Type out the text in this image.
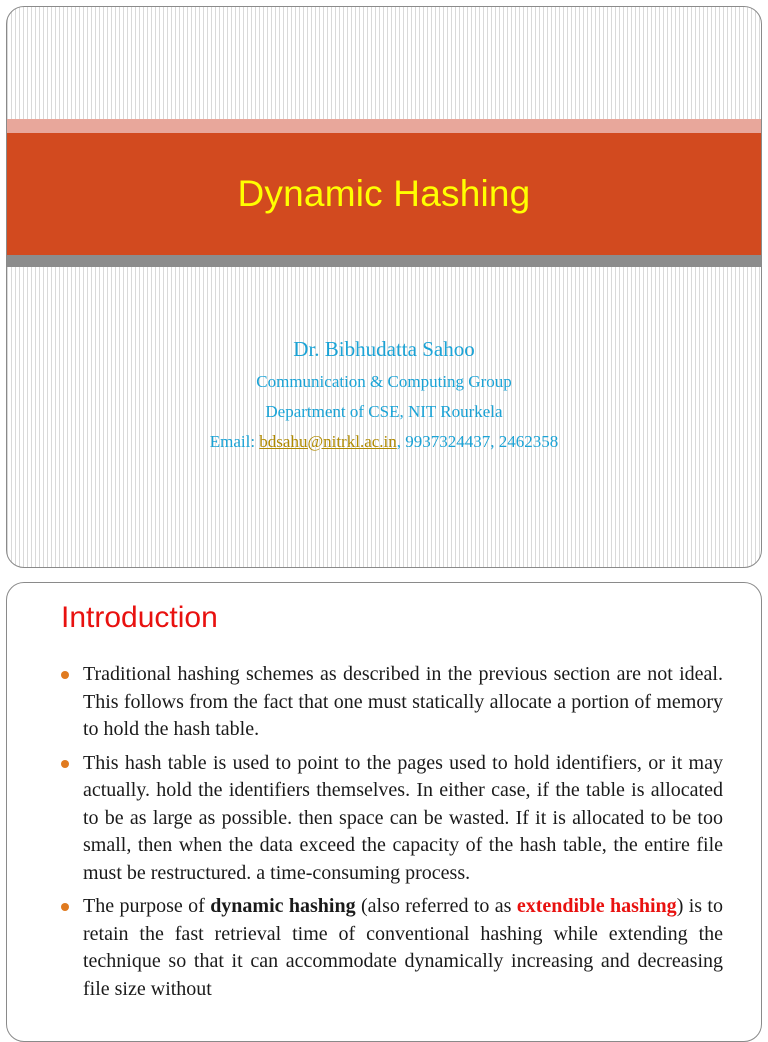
Dynamic Hashing

Dr. Bibhudatta Sahoo

Communication & Computing Group

Department of CSE, NIT Rourkela

Email: bdsahu@nitrkl.ac.in, 9937324437, 2462358

Introduction
Traditional hashing schemes as described in the previous section are not ideal. This follows from the fact that one must statically allocate a portion of memory to hold the hash table.
This hash table is used to point to the pages used to hold identifiers, or it may actually. hold the identifiers themselves. In either case, if the table is allocated to be as large as possible. then space can be wasted. If it is allocated to be too small, then when the data exceed the capacity of the hash table, the entire file must be restructured. a time-consuming process.
The purpose of dynamic hashing (also referred to as extendible hashing) is to retain the fast retrieval time of conventional hashing while extending the technique so that it can accommodate dynamically increasing and decreasing file size without
